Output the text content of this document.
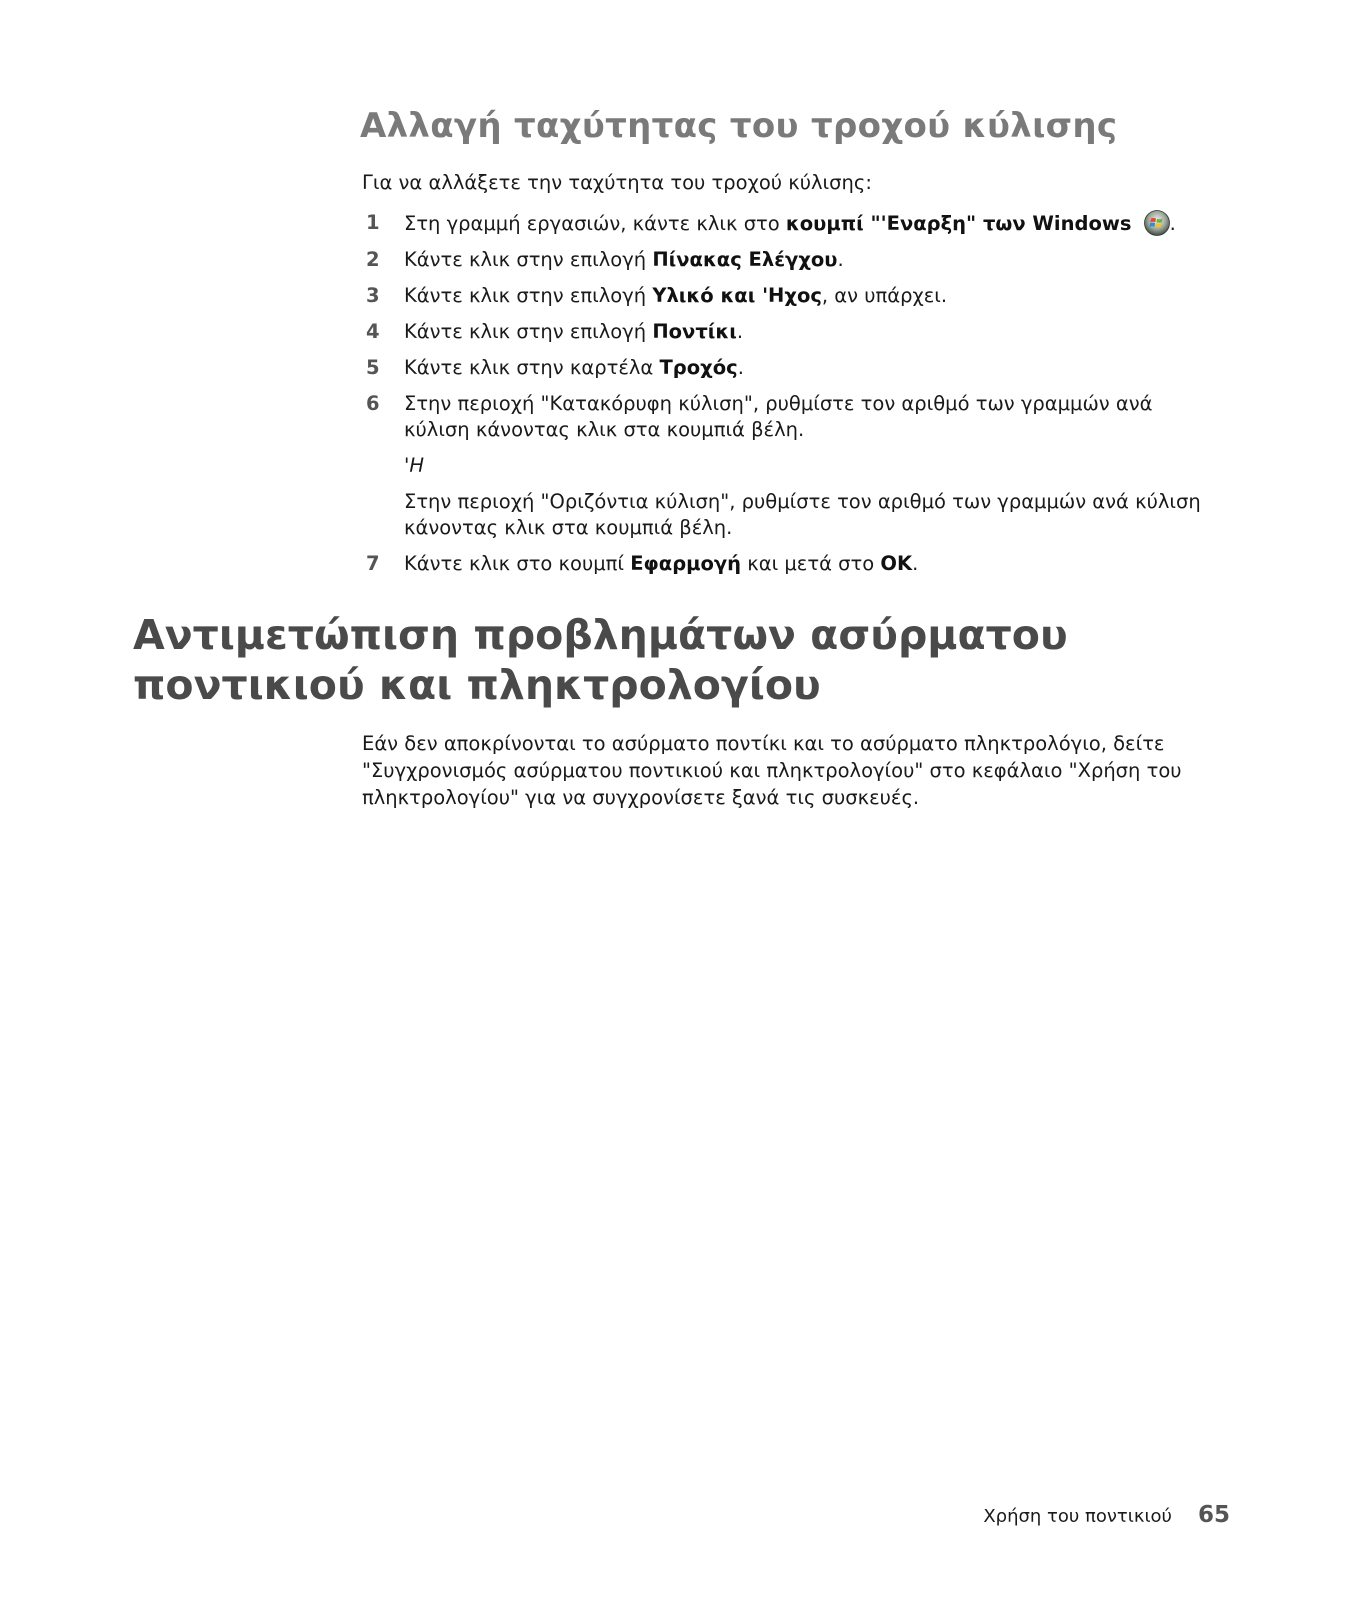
Αλλαγή ταχύτητας του τροχού κύλισης

Για να αλλάξετε την ταχύτητα του τροχού κύλισης:

1 Στη γραμμή εργασιών, κάντε κλικ στο κουμπί "'Εναρξη" των Windows .
2 Κάντε κλικ στην επιλογή Πίνακας Ελέγχου.
3 Κάντε κλικ στην επιλογή Υλικό και 'Ηχος, αν υπάρχει.
4 Κάντε κλικ στην επιλογή Ποντίκι.
5 Κάντε κλικ στην καρτέλα Τροχός.
6 Στην περιοχή "Κατακόρυφη κύλιση", ρυθμίστε τον αριθμό των γραμμών ανά κύλιση κάνοντας κλικ στα κουμπιά βέλη.
'Η
Στην περιοχή "Οριζόντια κύλιση", ρυθμίστε τον αριθμό των γραμμών ανά κύλιση κάνοντας κλικ στα κουμπιά βέλη.
7 Κάντε κλικ στο κουμπί Εφαρμογή και μετά στο OK.
Αντιμετώπιση προβλημάτων ασύρματου ποντικιού και πληκτρολογίου

Εάν δεν αποκρίνονται το ασύρματο ποντίκι και το ασύρματο πληκτρολόγιο, δείτε "Συγχρονισμός ασύρματου ποντικιού και πληκτρολογίου" στο κεφάλαιο "Χρήση του πληκτρολογίου" για να συγχρονίσετε ξανά τις συσκευές.

Χρήση του ποντικιού 65
